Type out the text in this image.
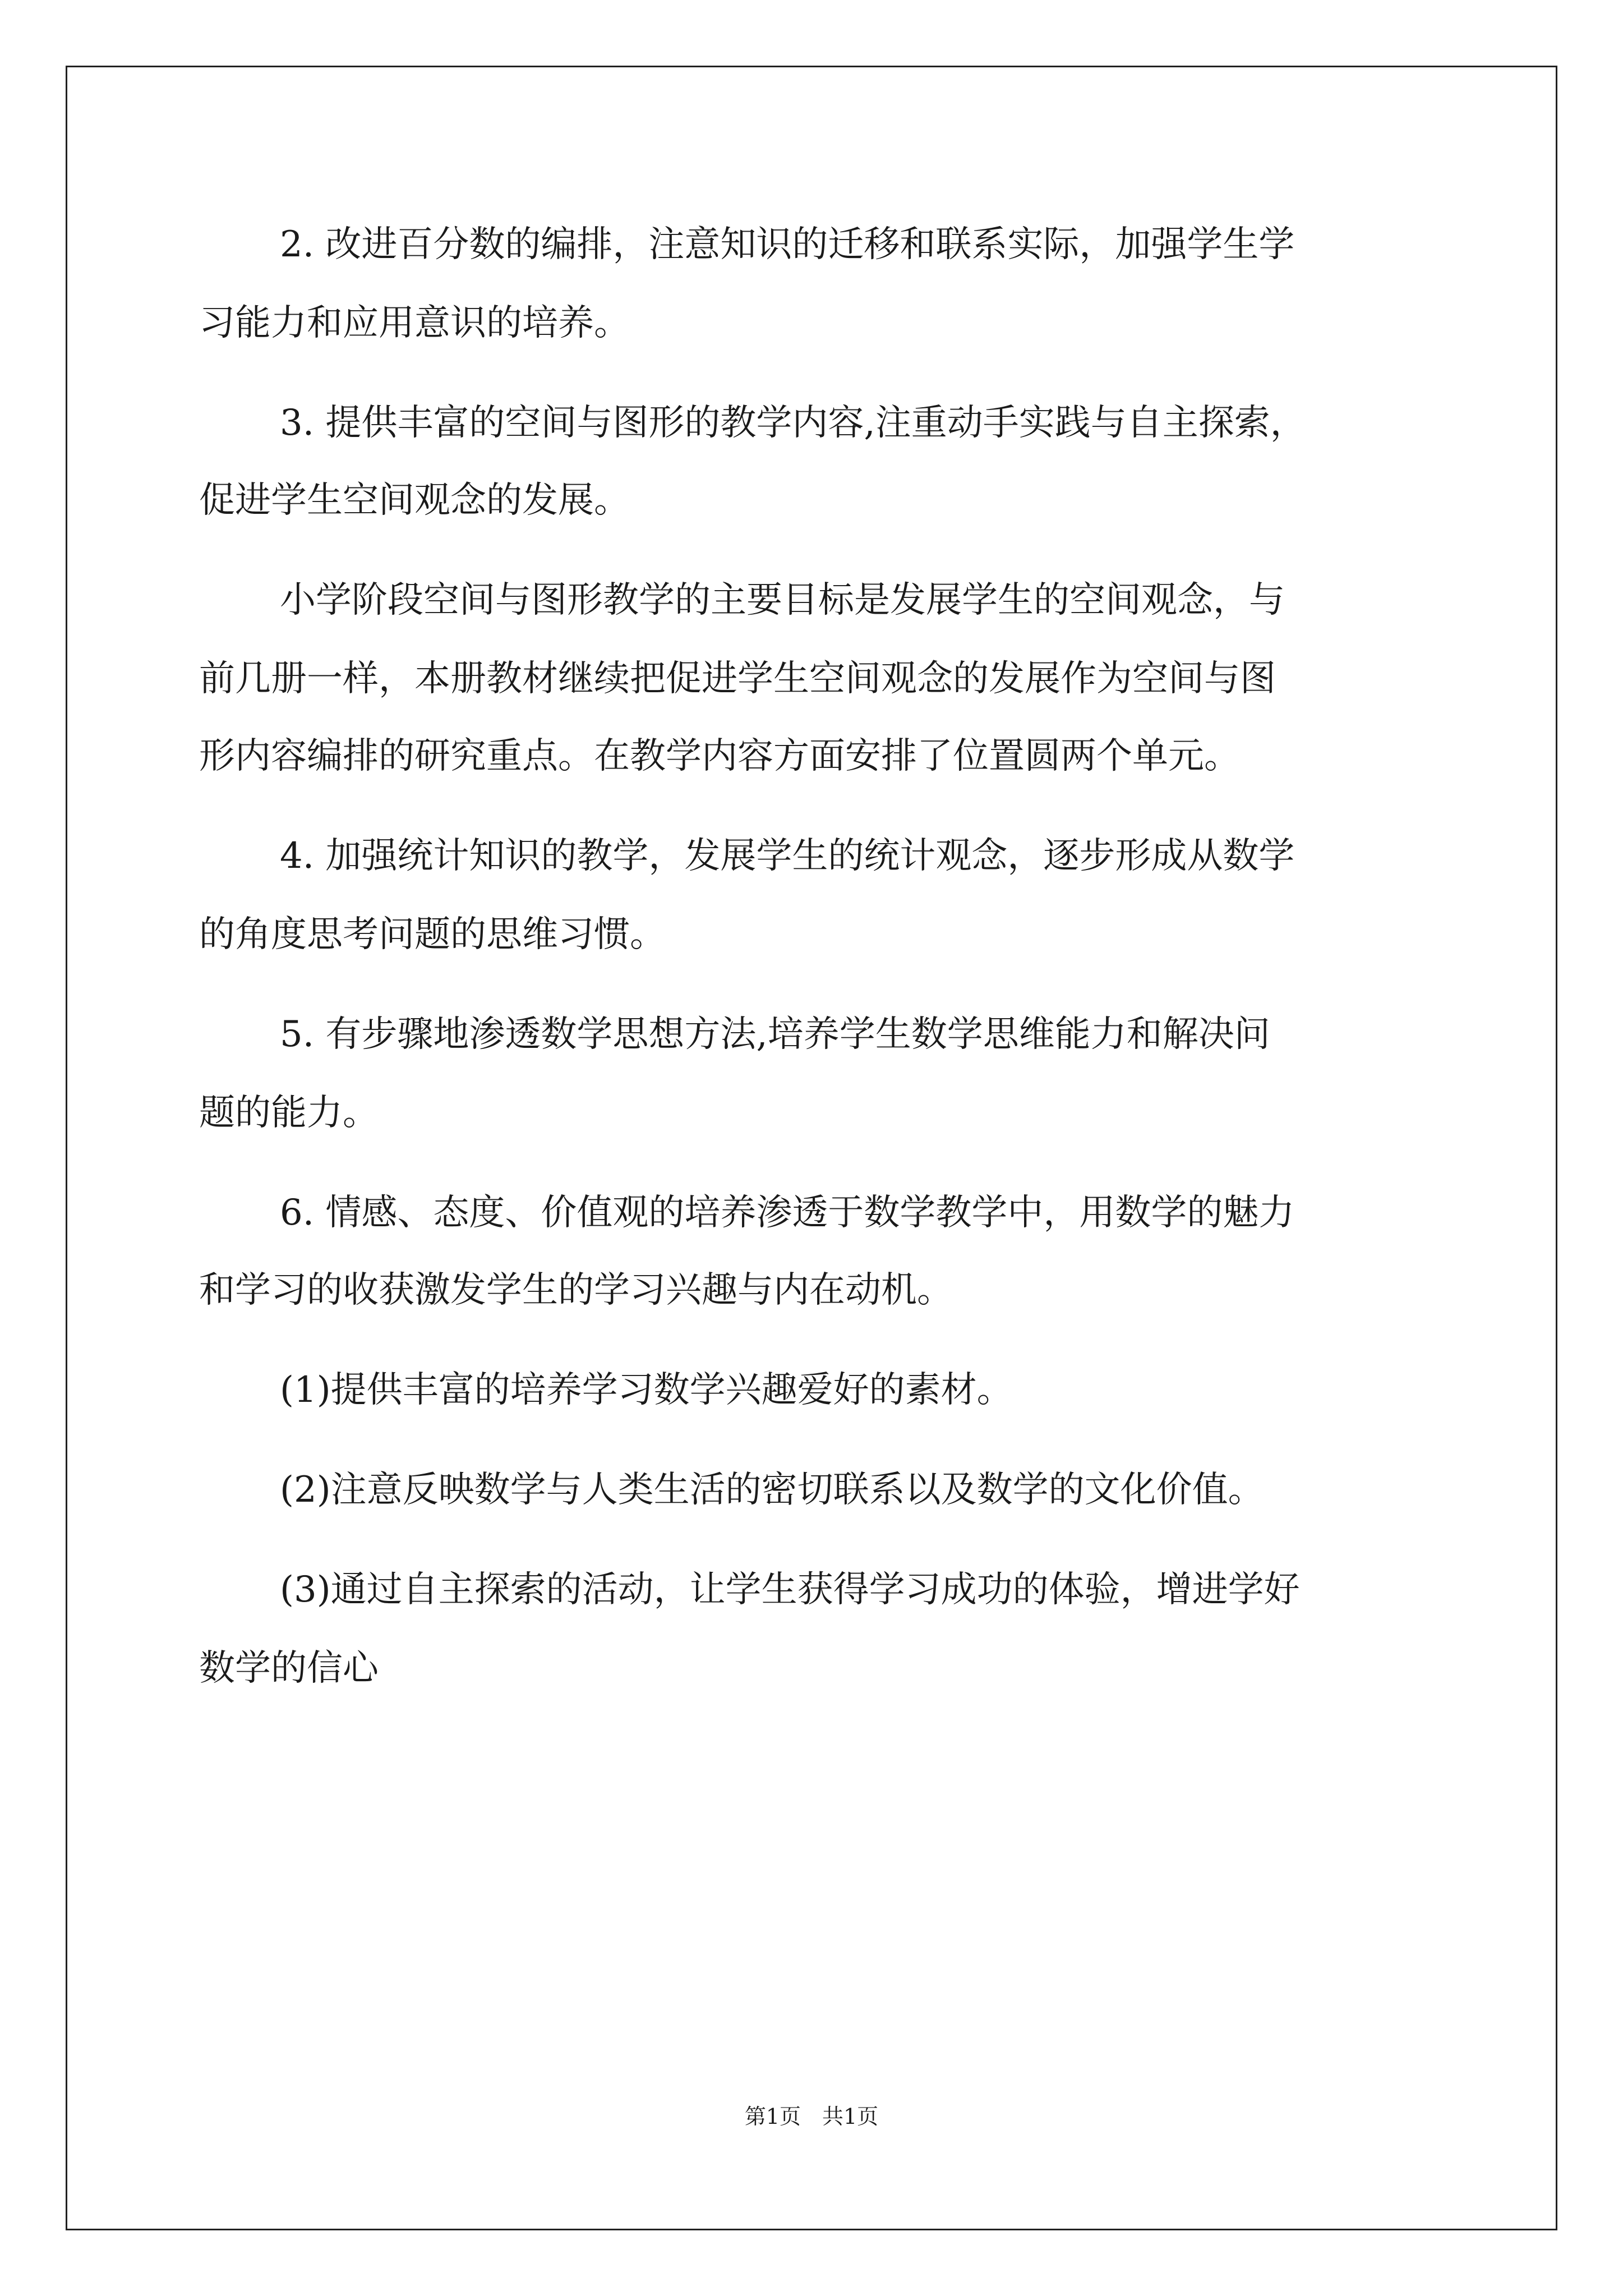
2. 改进百分数的编排，注意知识的迁移和联系实际，加强学生学
习能力和应用意识的培养。
3. 提供丰富的空间与图形的教学内容,注重动手实践与自主探索，
促进学生空间观念的发展。
小学阶段空间与图形教学的主要目标是发展学生的空间观念，与
前几册一样，本册教材继续把促进学生空间观念的发展作为空间与图
形内容编排的研究重点。在教学内容方面安排了位置圆两个单元。
4. 加强统计知识的教学，发展学生的统计观念，逐步形成从数学
的角度思考问题的思维习惯。
5. 有步骤地渗透数学思想方法,培养学生数学思维能力和解决问
题的能力。
6. 情感、态度、价值观的培养渗透于数学教学中，用数学的魅力
和学习的收获激发学生的学习兴趣与内在动机。
(1)提供丰富的培养学习数学兴趣爱好的素材。
(2)注意反映数学与人类生活的密切联系以及数学的文化价值。
(3)通过自主探索的活动，让学生获得学习成功的体验，增进学好
数学的信心
第1页　共1页
